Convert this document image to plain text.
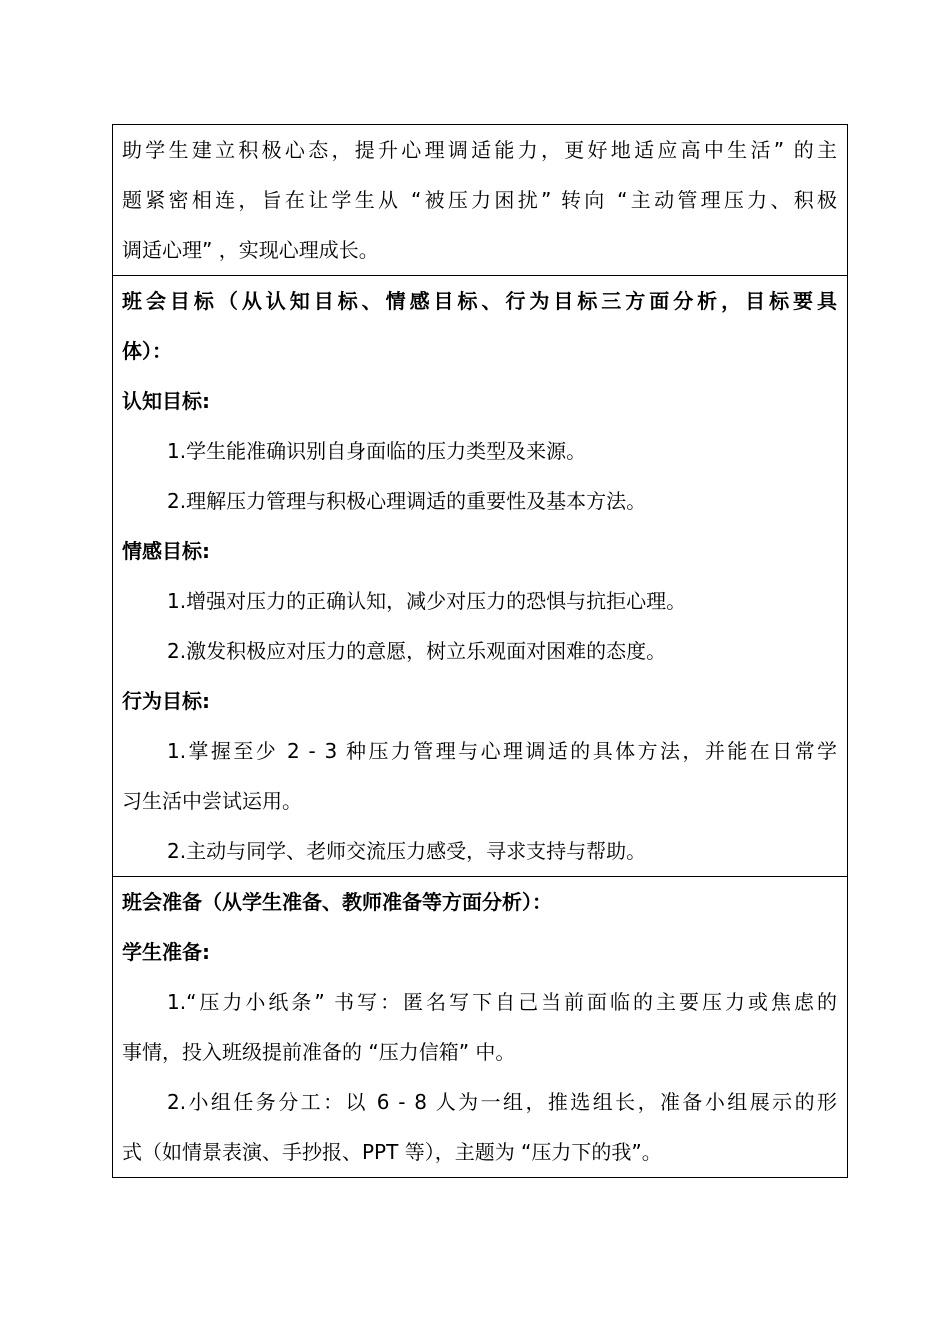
助学生建立积极心态，提升心理调适能力，更好地适应高中生活” 的主
题紧密相连，旨在让学生从 “被压力困扰” 转向 “主动管理压力、积极
调适心理” ，实现心理成长。
班会目标（从认知目标、情感目标、行为目标三方面分析，目标要具
体）：
认知目标:
1.学生能准确识别自身面临的压力类型及来源。
2.理解压力管理与积极心理调适的重要性及基本方法。
情感目标:
1.增强对压力的正确认知，减少对压力的恐惧与抗拒心理。
2.激发积极应对压力的意愿，树立乐观面对困难的态度。
行为目标:
1.掌握至少 2 - 3 种压力管理与心理调适的具体方法，并能在日常学
习生活中尝试运用。
2.主动与同学、老师交流压力感受，寻求支持与帮助。
班会准备（从学生准备、教师准备等方面分析）：
学生准备:
1.“压力小纸条” 书写：匿名写下自己当前面临的主要压力或焦虑的
事情，投入班级提前准备的 “压力信箱” 中。
2.小组任务分工：以 6 - 8 人为一组，推选组长，准备小组展示的形
式（如情景表演、手抄报、PPT 等），主题为 “压力下的我”。
